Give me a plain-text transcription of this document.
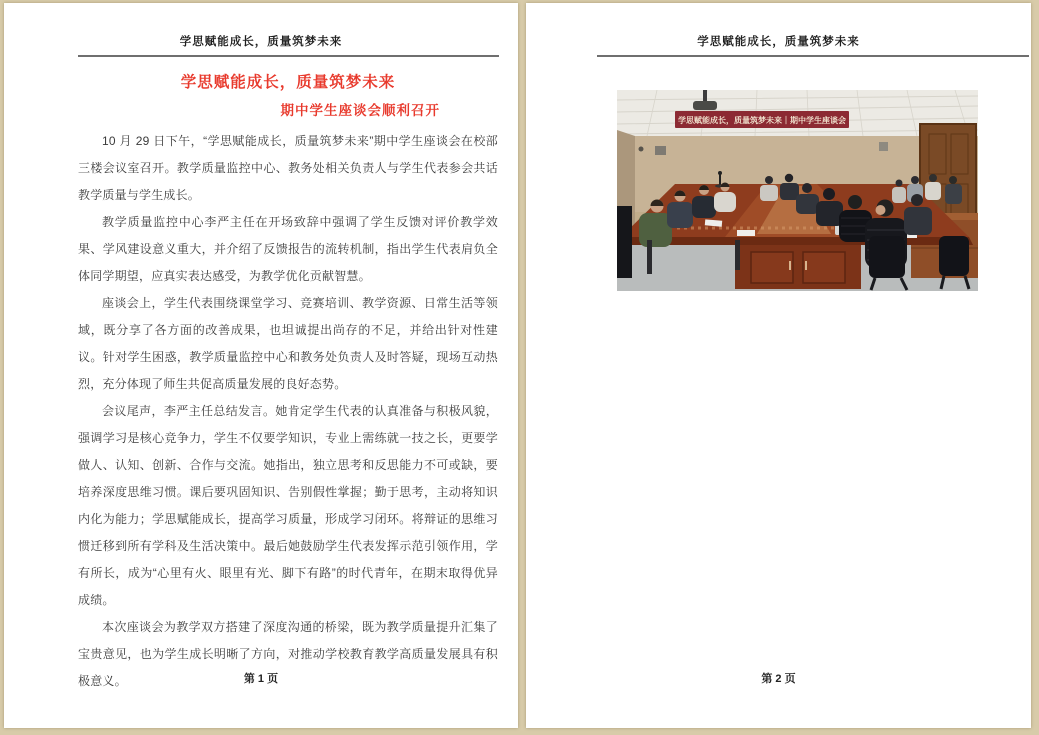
学思赋能成长，质量筑梦未来
学思赋能成长，质量筑梦未来
期中学生座谈会顺利召开

10 月 29 日下午，“学思赋能成长，质量筑梦未来”期中学生座谈会在校部三楼会议室召开。教学质量监控中心、教务处相关负责人与学生代表参会共话教学质量与学生成长。

教学质量监控中心李严主任在开场致辞中强调了学生反馈对评价教学效果、学风建设意义重大，并介绍了反馈报告的流转机制，指出学生代表肩负全体同学期望，应真实表达感受，为教学优化贡献智慧。

座谈会上，学生代表围绕课堂学习、竞赛培训、教学资源、日常生活等领域，既分享了各方面的改善成果，也坦诚提出尚存的不足，并给出针对性建议。针对学生困惑，教学质量监控中心和教务处负责人及时答疑，现场互动热烈，充分体现了师生共促高质量发展的良好态势。

会议尾声，李严主任总结发言。她肯定学生代表的认真准备与积极风貌，强调学习是核心竞争力，学生不仅要学知识，专业上需练就一技之长，更要学做人、认知、创新、合作与交流。她指出，独立思考和反思能力不可或缺，要培养深度思维习惯。课后要巩固知识、告别假性掌握；勤于思考，主动将知识内化为能力；学思赋能成长，提高学习质量，形成学习闭环。将辩证的思维习惯迁移到所有学科及生活决策中。最后她鼓励学生代表发挥示范引领作用，学有所长，成为“心里有火、眼里有光、脚下有路”的时代青年，在期末取得优异成绩。

本次座谈会为教学双方搭建了深度沟通的桥梁，既为教学质量提升汇集了宝贵意见，也为学生成长明晰了方向，对推动学校教育教学高质量发展具有积极意义。	第 1 页
学思赋能成长，质量筑梦未来
学思赋能成长，质量筑梦未来｜期中学生座谈会
第 2 页
